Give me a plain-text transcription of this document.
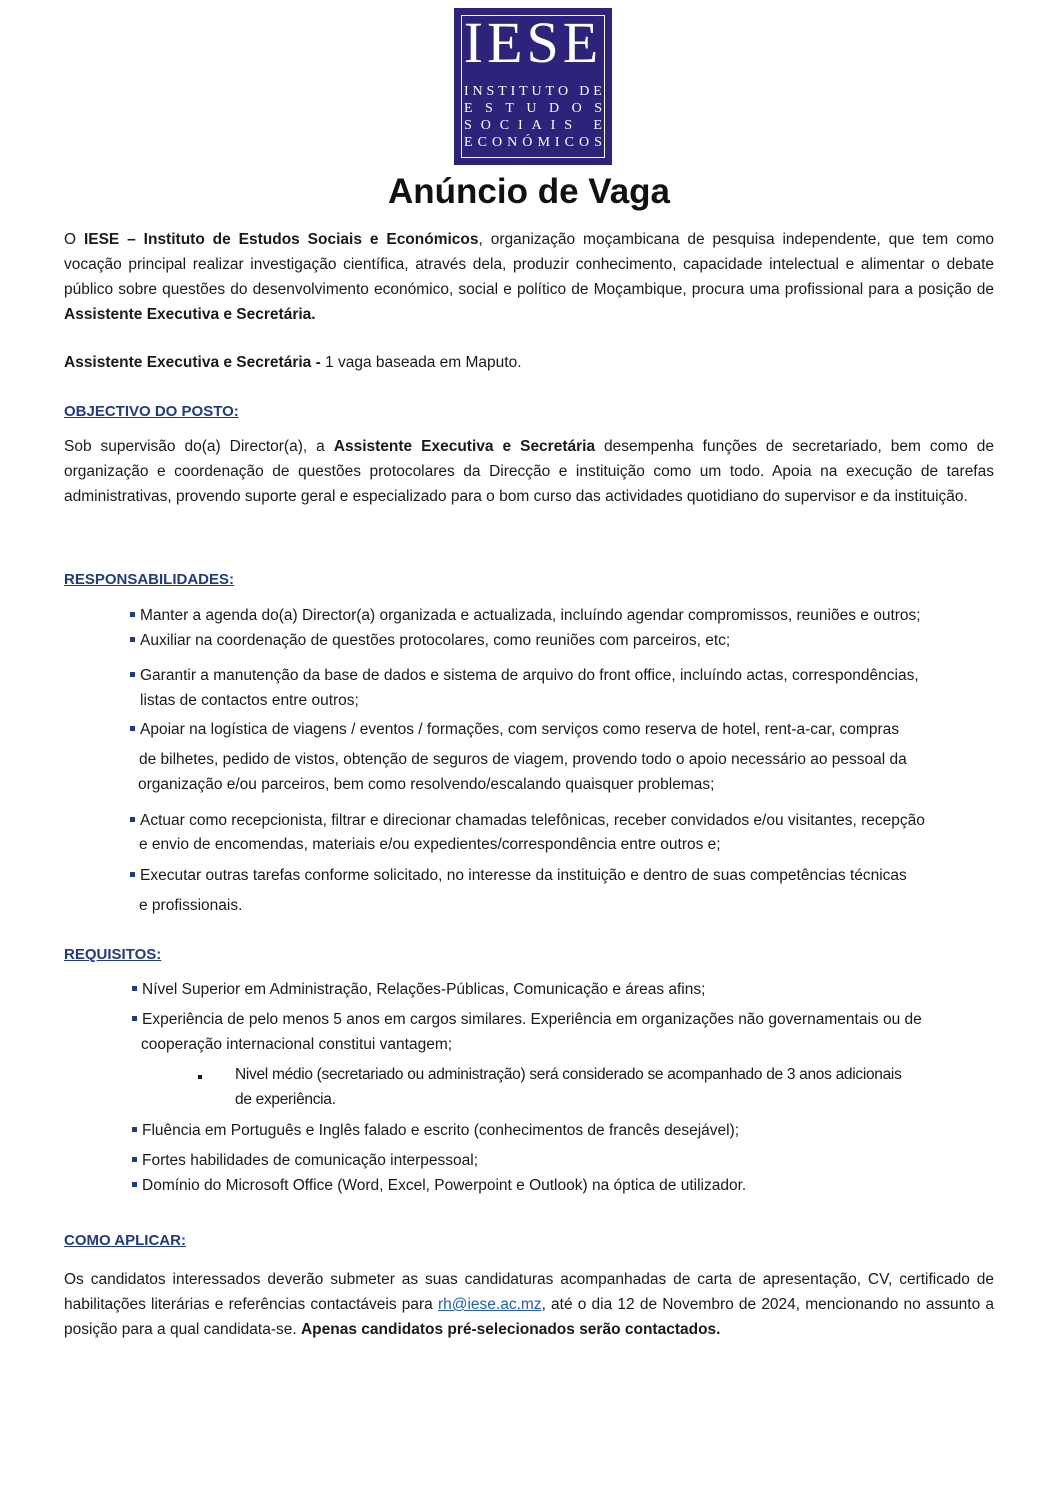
IESE
I N S T I T U T O
D E
E S T U D O S
S O C I A I S
E
E C O N Ó M I C O S
Anúncio de Vaga
O IESE – Instituto de Estudos Sociais e Económicos, organização moçambicana de pesquisa independente, que tem como vocação principal realizar investigação científica, através dela, produzir conhecimento, capacidade intelectual e alimentar o debate público sobre questões do desenvolvimento económico, social e político de Moçambique, procura uma profissional para a posição de Assistente Executiva e Secretária.
Assistente Executiva e Secretária - 1 vaga baseada em Maputo.
OBJECTIVO DO POSTO:
Sob supervisão do(a) Director(a), a Assistente Executiva e Secretária desempenha funções de secretariado, bem como de organização e coordenação de questões protocolares da Direcção e instituição como um todo. Apoia na execução de tarefas administrativas, provendo suporte geral e especializado para o bom curso das actividades quotidiano do supervisor e da instituição.
RESPONSABILIDADES:
Manter a agenda do(a) Director(a) organizada e actualizada, incluíndo agendar compromissos, reuniões e outros;
Auxiliar na coordenação de questões protocolares, como reuniões com parceiros, etc;
Garantir a manutenção da base de dados e sistema de arquivo do front office, incluíndo actas, correspondências,
listas de contactos entre outros;
Apoiar na logística de viagens / eventos / formações, com serviços como reserva de hotel, rent-a-car, compras
de bilhetes, pedido de vistos, obtenção de seguros de viagem, provendo todo o apoio necessário ao pessoal da
organização e/ou parceiros, bem como resolvendo/escalando quaisquer problemas;
Actuar como recepcionista, filtrar e direcionar chamadas telefônicas, receber convidados e/ou visitantes, recepção
e envio de encomendas, materiais e/ou expedientes/correspondência entre outros e;
Executar outras tarefas conforme solicitado, no interesse da instituição e dentro de suas competências técnicas
e profissionais.
REQUISITOS:
Nível Superior em Administração, Relações-Públicas, Comunicação e áreas afins;
Experiência de pelo menos 5 anos em cargos similares. Experiência em organizações não governamentais ou de
cooperação internacional constitui vantagem;
Nivel médio (secretariado ou administração) será considerado se acompanhado de 3 anos adicionais
de experiência.
Fluência em Português e Inglês falado e escrito (conhecimentos de francês desejável);
Fortes habilidades de comunicação interpessoal;
Domínio do Microsoft Office (Word, Excel, Powerpoint e Outlook) na óptica de utilizador.
COMO APLICAR:
Os candidatos interessados deverão submeter as suas candidaturas acompanhadas de carta de apresentação, CV, certificado de habilitações literárias e referências contactáveis para rh@iese.ac.mz, até o dia 12 de Novembro de 2024, mencionando no assunto a posição para a qual candidata-se. Apenas candidatos pré-selecionados serão contactados.
